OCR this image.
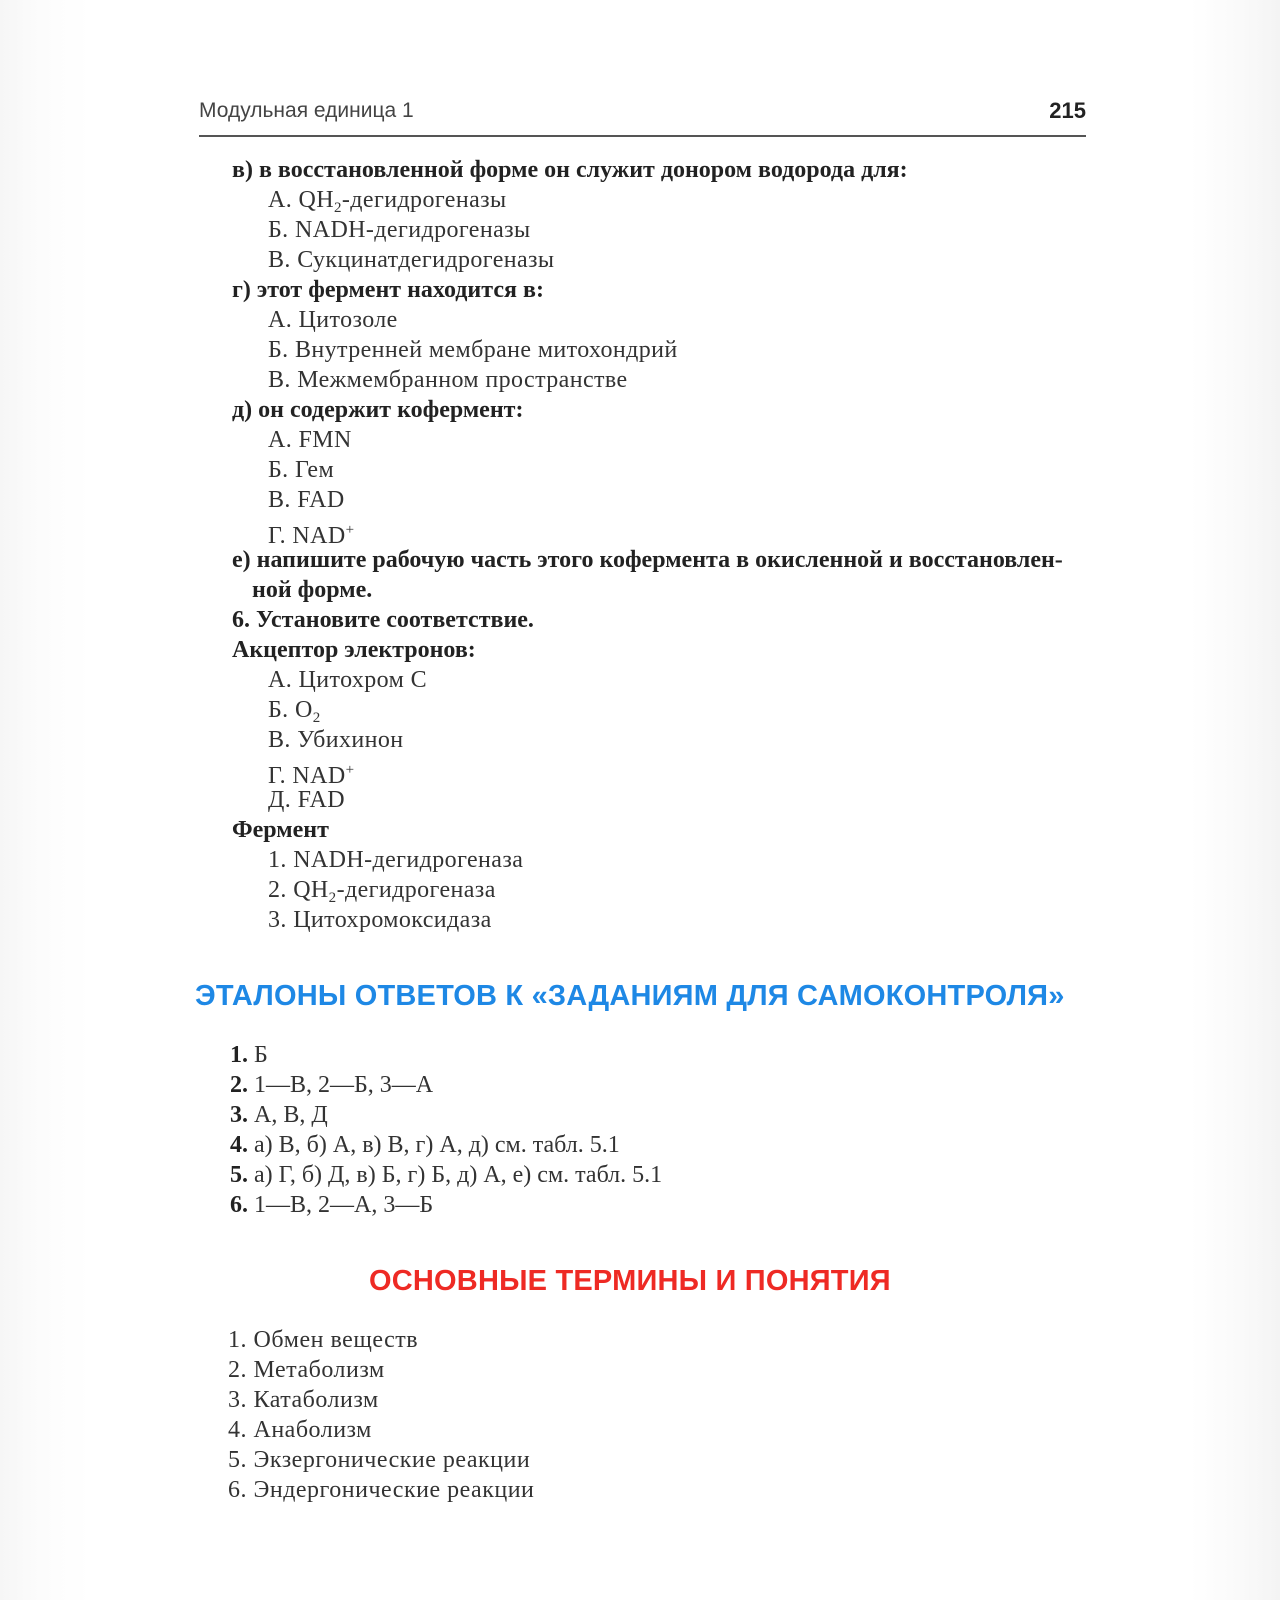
Модульная единица 1	215
в) в восстановленной форме он служит донором водорода для:
А. $QH_2$-дегидрогеназы
Б. NADH-дегидрогеназы
В. Сукцинатдегидрогеназы
г) этот фермент находится в:
А. Цитозоле
Б. Внутренней мембране митохондрий
В. Межмембранном пространстве
д) он содержит кофермент:
А. FMN
Б. Гем
В. FAD
Г. NAD+
е) напишите рабочую часть этого кофермента в окисленной и восстановлен-
ной форме.
6. Установите соответствие.
Акцептор электронов:
А. Цитохром С
Б. $O_2$
В. Убихинон
Г. NAD+
Д. FAD
Фермент
1. NADH-дегидрогеназа
2. $QH_2$-дегидрогеназа
3. Цитохромоксидаза
ЭТАЛОНЫ ОТВЕТОВ К «ЗАДАНИЯМ ДЛЯ САМОКОНТРОЛЯ»
1. Б
2. 1—В, 2—Б, 3—А
3. А, В, Д
4. а) В, б) А, в) В, г) А, д) см. табл. 5.1
5. а) Г, б) Д, в) Б, г) Б, д) А, е) см. табл. 5.1
6. 1—В, 2—А, 3—Б
ОСНОВНЫЕ ТЕРМИНЫ И ПОНЯТИЯ
1. Обмен веществ
2. Метаболизм
3. Катаболизм
4. Анаболизм
5. Экзергонические реакции
6. Эндергонические реакции
